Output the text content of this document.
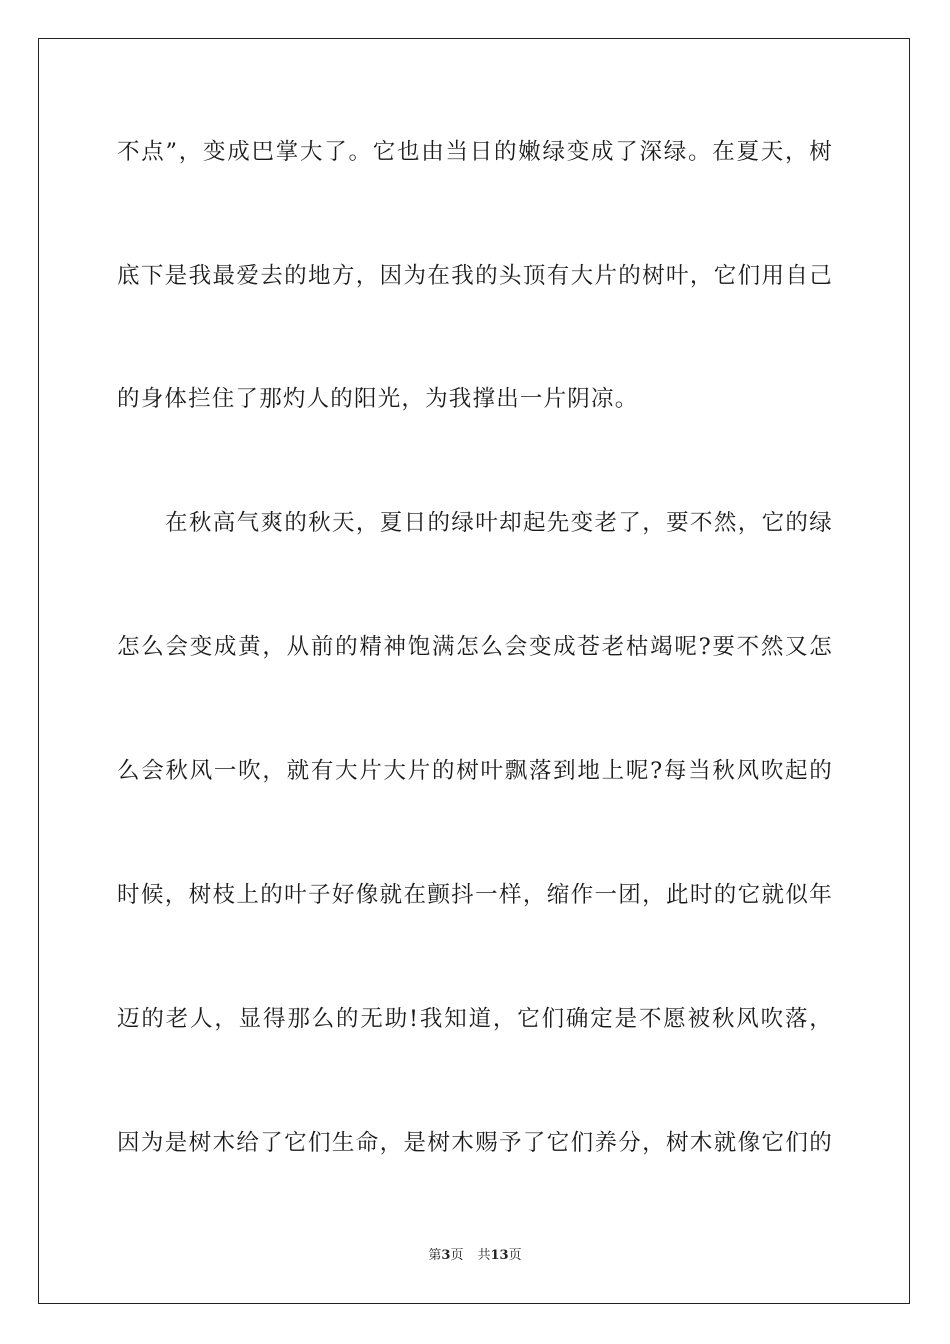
不点”，变成巴掌大了。它也由当日的嫩绿变成了深绿。在夏天，树
底下是我最爱去的地方，因为在我的头顶有大片的树叶，它们用自己
的身体拦住了那灼人的阳光，为我撑出一片阴凉。
在秋高气爽的秋天，夏日的绿叶却起先变老了，要不然，它的绿
怎么会变成黄，从前的精神饱满怎么会变成苍老枯竭呢?要不然又怎
么会秋风一吹，就有大片大片的树叶飘落到地上呢?每当秋风吹起的
时候，树枝上的叶子好像就在颤抖一样，缩作一团，此时的它就似年
迈的老人，显得那么的无助!我知道，它们确定是不愿被秋风吹落，
因为是树木给了它们生命，是树木赐予了它们养分，树木就像它们的
第3页 共13页
